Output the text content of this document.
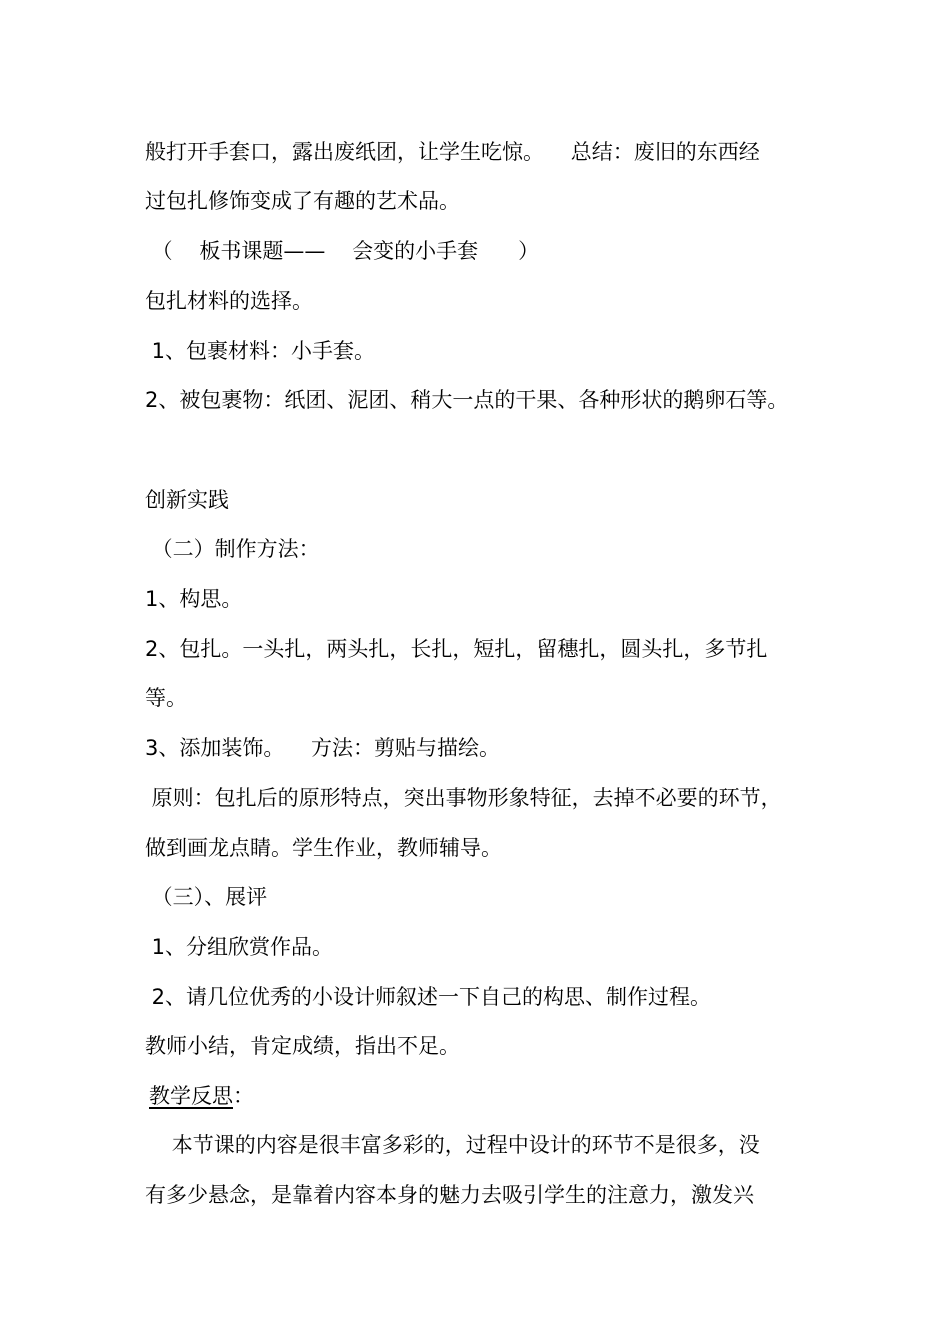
般打开手套口，露出废纸团，让学生吃惊。    总结：废旧的东西经
过包扎修饰变成了有趣的艺术品。
（    板书课题——    会变的小手套      ）
包扎材料的选择。
1、包裹材料：小手套。
2、被包裹物：纸团、泥团、稍大一点的干果、各种形状的鹅卵石等。
创新实践
（二）制作方法：
1、构思。
2、包扎。一头扎，两头扎，长扎，短扎，留穗扎，圆头扎，多节扎
等。
3、添加装饰。    方法：剪贴与描绘。
原则：包扎后的原形特点，突出事物形象特征，去掉不必要的环节，
做到画龙点睛。学生作业，教师辅导。
（三）、展评
1、分组欣赏作品。
2、请几位优秀的小设计师叙述一下自己的构思、制作过程。
教师小结，肯定成绩，指出不足。
教学反思：
本节课的内容是很丰富多彩的，过程中设计的环节不是很多，没
有多少悬念，是靠着内容本身的魅力去吸引学生的注意力，激发兴
